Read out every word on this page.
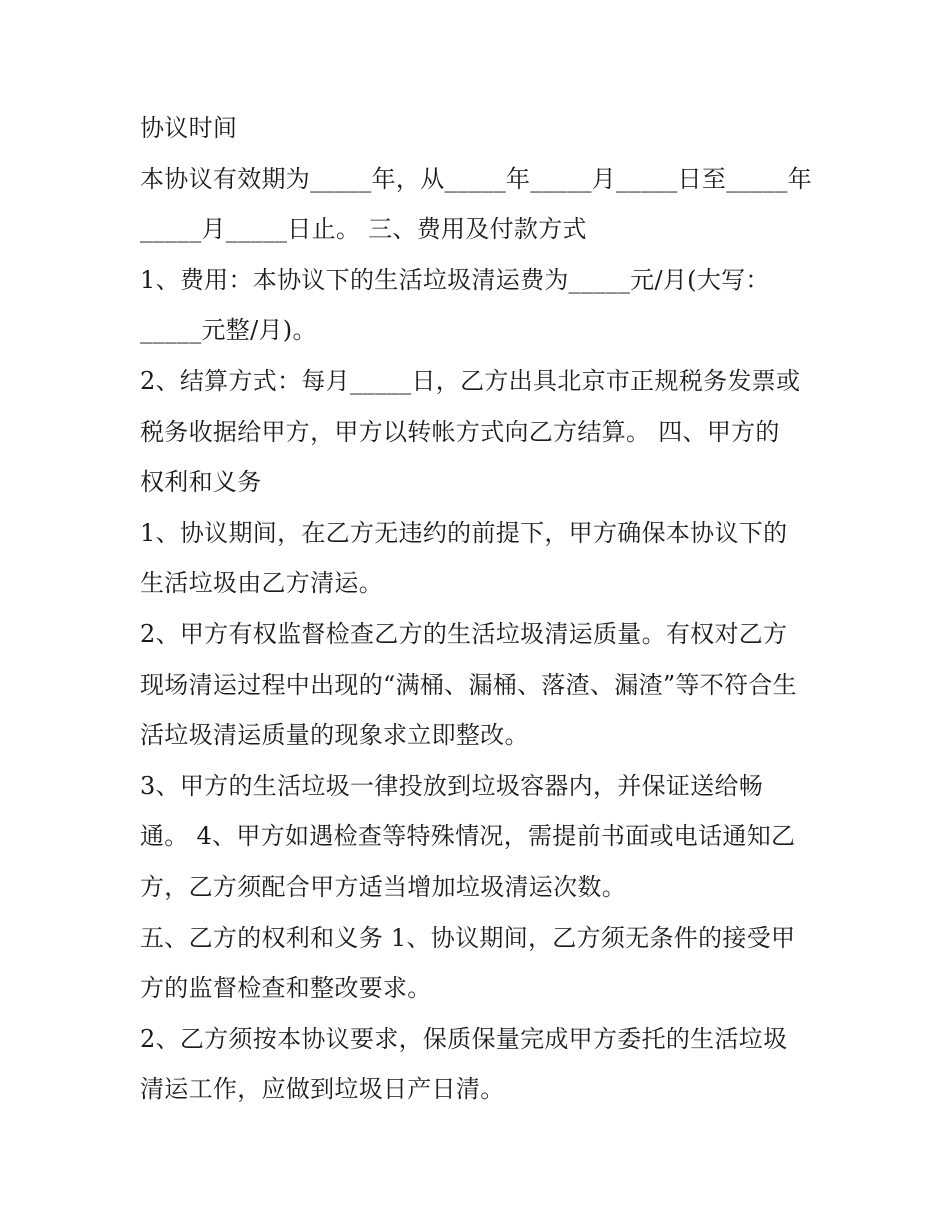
协议时间
本协议有效期为_____年，从_____年_____月_____日至_____年
_____月_____日止。 三、费用及付款方式
1、费用：本协议下的生活垃圾清运费为_____元/月(大写：
_____元整/月)。
2、结算方式：每月_____日，乙方出具北京市正规税务发票或
税务收据给甲方，甲方以转帐方式向乙方结算。 四、甲方的
权利和义务
1、协议期间，在乙方无违约的前提下，甲方确保本协议下的
生活垃圾由乙方清运。
2、甲方有权监督检查乙方的生活垃圾清运质量。有权对乙方
现场清运过程中出现的“满桶、漏桶、落渣、漏渣”等不符合生
活垃圾清运质量的现象求立即整改。
3、甲方的生活垃圾一律投放到垃圾容器内，并保证送给畅
通。 4、甲方如遇检查等特殊情况，需提前书面或电话通知乙
方，乙方须配合甲方适当增加垃圾清运次数。
五、乙方的权利和义务 1、协议期间，乙方须无条件的接受甲
方的监督检查和整改要求。
2、乙方须按本协议要求，保质保量完成甲方委托的生活垃圾
清运工作，应做到垃圾日产日清。
